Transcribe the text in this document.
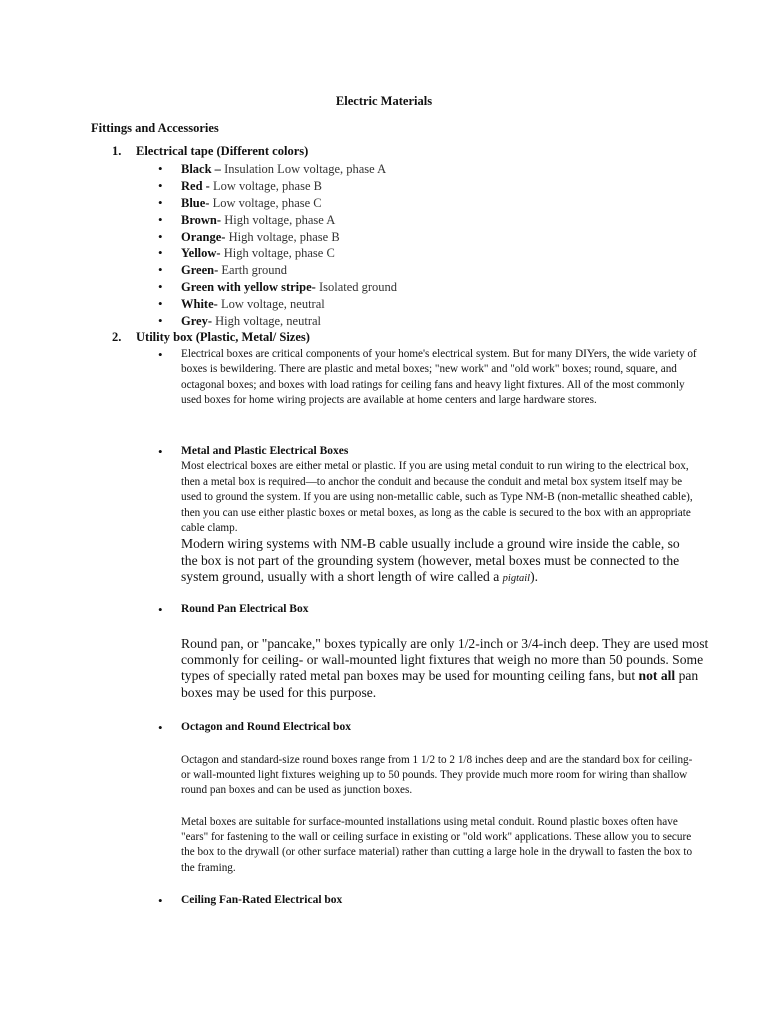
Electric Materials
Fittings and Accessories
1. Electrical tape (Different colors)
• Black – Insulation Low voltage, phase A
• Red - Low voltage, phase B
• Blue- Low voltage, phase C
• Brown- High voltage, phase A
• Orange- High voltage, phase B
• Yellow- High voltage, phase C
• Green- Earth ground
• Green with yellow stripe- Isolated ground
• White- Low voltage, neutral
• Grey- High voltage, neutral
2. Utility box (Plastic, Metal/ Sizes)
•	Electrical boxes are critical components of your home's electrical system. But for many DIYers, the wide variety of boxes is bewildering. There are plastic and metal boxes; "new work" and "old work" boxes; round, square, and octagonal boxes; and boxes with load ratings for ceiling fans and heavy light fixtures. All of the most commonly used boxes for home wiring projects are available at home centers and large hardware stores.
•	Metal and Plastic Electrical Boxes
Most electrical boxes are either metal or plastic. If you are using metal conduit to run wiring to the electrical box, then a metal box is required—to anchor the conduit and because the conduit and metal box system itself may be used to ground the system. If you are using non-metallic cable, such as Type NM-B (non-metallic sheathed cable), then you can use either plastic boxes or metal boxes, as long as the cable is secured to the box with an appropriate cable clamp.
Modern wiring systems with NM-B cable usually include a ground wire inside the cable, so the box is not part of the grounding system (however, metal boxes must be connected to the system ground, usually with a short length of wire called a pigtail).
•	Round Pan Electrical Box
Round pan, or "pancake," boxes typically are only 1/2-inch or 3/4-inch deep. They are used most commonly for ceiling- or wall-mounted light fixtures that weigh no more than 50 pounds. Some types of specially rated metal pan boxes may be used for mounting ceiling fans, but not all pan boxes may be used for this purpose.
•	Octagon and Round Electrical box
Octagon and standard-size round boxes range from 1 1/2 to 2 1/8 inches deep and are the standard box for ceiling- or wall-mounted light fixtures weighing up to 50 pounds. They provide much more room for wiring than shallow round pan boxes and can be used as junction boxes.
Metal boxes are suitable for surface-mounted installations using metal conduit. Round plastic boxes often have "ears" for fastening to the wall or ceiling surface in existing or "old work" applications. These allow you to secure the box to the drywall (or other surface material) rather than cutting a large hole in the drywall to fasten the box to the framing.
•	Ceiling Fan-Rated Electrical box
